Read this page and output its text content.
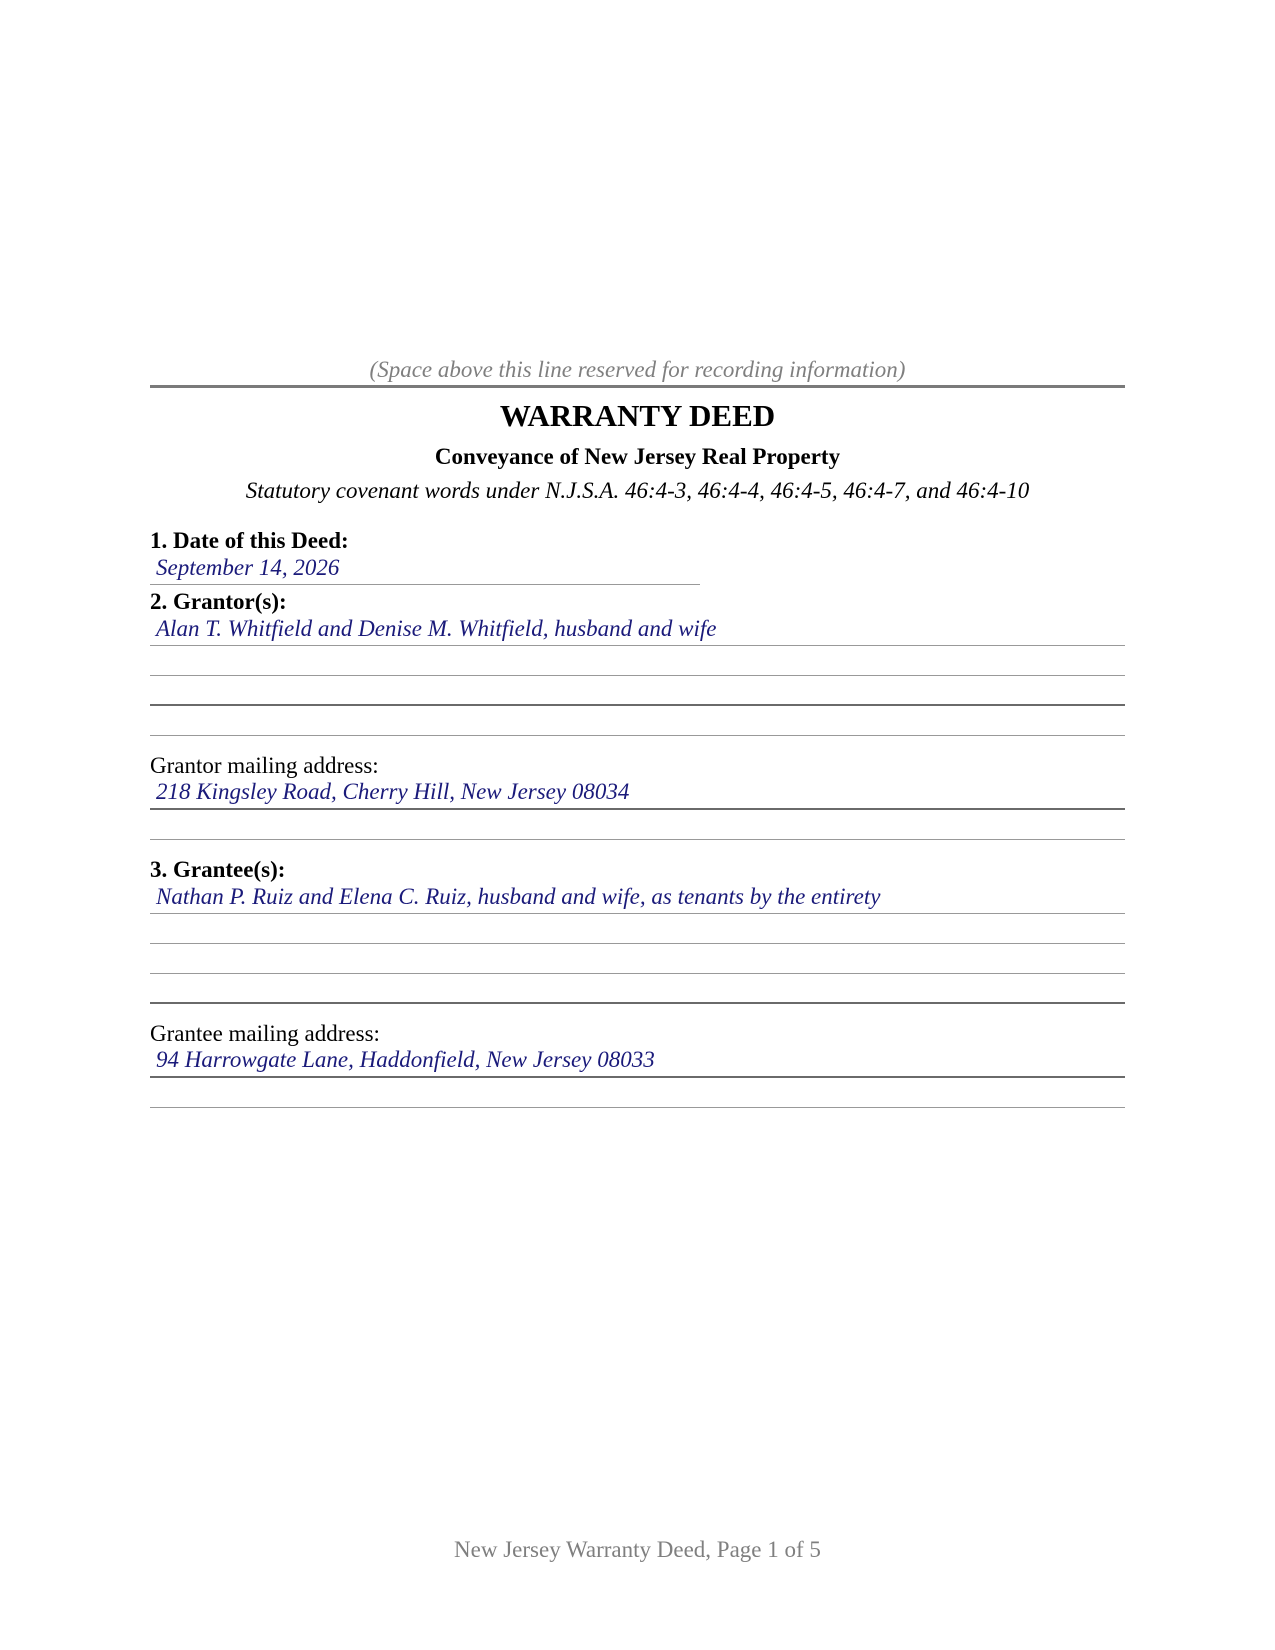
(Space above this line reserved for recording information)
WARRANTY DEED
Conveyance of New Jersey Real Property
Statutory covenant words under N.J.S.A. 46:4-3, 46:4-4, 46:4-5, 46:4-7, and 46:4-10
1. Date of this Deed:
September 14, 2026
2. Grantor(s):
Alan T. Whitfield and Denise M. Whitfield, husband and wife
Grantor mailing address:
218 Kingsley Road, Cherry Hill, New Jersey 08034
3. Grantee(s):
Nathan P. Ruiz and Elena C. Ruiz, husband and wife, as tenants by the entirety
Grantee mailing address:
94 Harrowgate Lane, Haddonfield, New Jersey 08033
New Jersey Warranty Deed, Page 1 of 5
